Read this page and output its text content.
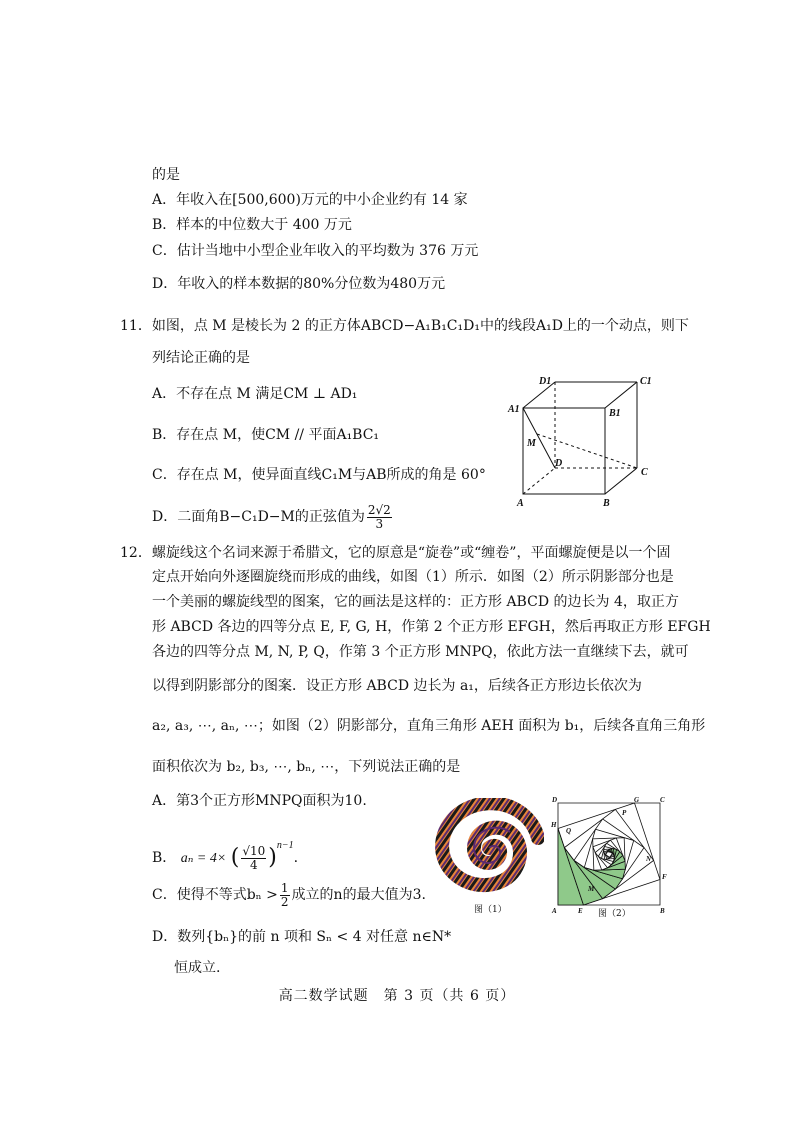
的是
A．年收入在[500,600)万元的中小企业约有 14 家
B．样本的中位数大于 400 万元
C．估计当地中小型企业年收入的平均数为 376 万元
D．年收入的样本数据的80%分位数为480万元
11．如图，点 M 是棱长为 2 的正方体ABCD−A₁B₁C₁D₁中的线段A₁D上的一个动点，则下
列结论正确的是
A．不存在点 M 满足CM ⊥ AD₁
B．存在点 M，使CM // 平面A₁BC₁
C．存在点 M，使异面直线C₁M与AB所成的角是 60°
D．二面角B−C₁D−M的正弦值为 $\frac{2√2}{3}$
D1	C1
A1	B1
M
D
C
A	B
12．螺旋线这个名词来源于希腊文，它的原意是“旋卷”或“缠卷”，平面螺旋便是以一个固
定点开始向外逐圈旋绕而形成的曲线，如图（1）所示．如图（2）所示阴影部分也是
一个美丽的螺旋线型的图案，它的画法是这样的：正方形 ABCD 的边长为 4，取正方
形 ABCD 各边的四等分点 E, F, G, H，作第 2 个正方形 EFGH，然后再取正方形 EFGH
各边的四等分点 M, N, P, Q，作第 3 个正方形 MNPQ，依此方法一直继续下去，就可
以得到阴影部分的图案．设正方形 ABCD 边长为 a₁，后续各正方形边长依次为
a₂, a₃, ⋯, aₙ, ⋯；如图（2）阴影部分，直角三角形 AEH 面积为 b₁，后续各直角三角形
面积依次为 b₂, b₃, ⋯, bₙ, ⋯，下列说法正确的是
A．第3个正方形MNPQ面积为10.
B． aₙ = 4× ( $\frac{√10}{4} )^{n-1}$.
C．使得不等式$b_n > \frac{1}{2}$ 成立的n的最大值为3.
D．数列{bₙ}的前 n 项和 Sₙ < 4 对任意 n∈N*
恒成立.
图（1）
D	G	C
H
Q
P
N
F
M
A	E	B
图（2）
高二数学试题　第 3 页（共 6 页）
